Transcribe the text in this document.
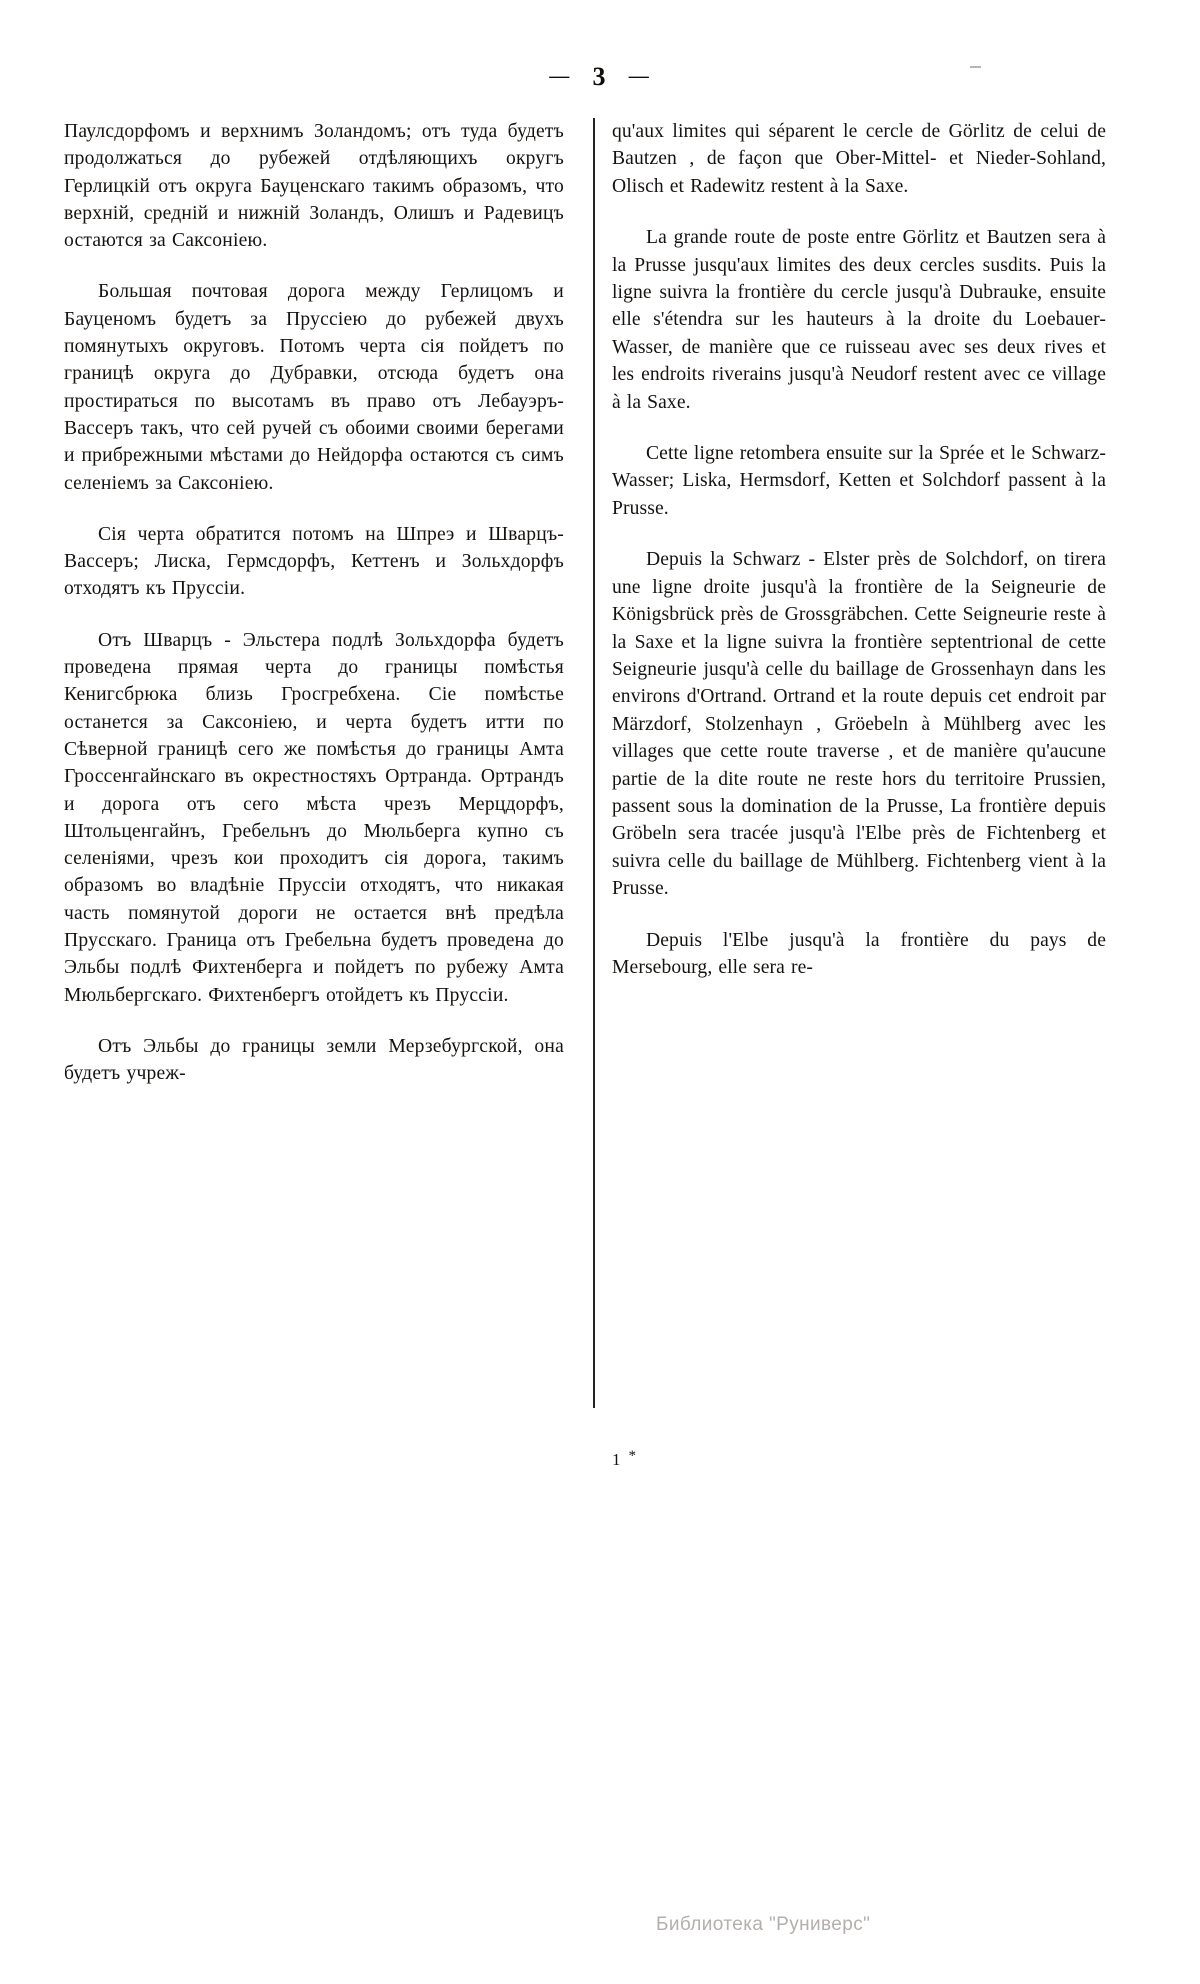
— 3 —

Паулсдорфомъ и верхнимъ Золандомъ; отъ туда будетъ продолжаться до рубежей отдѣляющихъ округъ Герлицкій отъ округа Бауценскаго такимъ образомъ, что верхній, средній и нижній Золандъ, Олишъ и Радевицъ остаются за Саксоніею.

Большая почтовая дорога между Герлицомъ и Бауценомъ будетъ за Пруссіею до рубежей двухъ помянутыхъ округовъ. Потомъ черта сія пойдетъ по границѣ округа до Дубравки, отсюда будетъ она простираться по высотамъ въ право отъ Лебауэръ-Вассеръ такъ, что сей ручей съ обоими своими берегами и прибрежными мѣстами до Нейдорфа остаются съ симъ селеніемъ за Саксоніею.

Сія черта обратится потомъ на Шпреэ и Шварцъ-Вассеръ; Лиска, Гермсдорфъ, Кеттенъ и Зольхдорфъ отходятъ къ Пруссіи.

Отъ Шварцъ - Эльстера подлѣ Зольхдорфа будетъ проведена прямая черта до границы помѣстья Кенигсбрюка близь Гросгребхена. Сіе помѣстье останется за Саксоніею, и черта будетъ итти по Сѣверной границѣ сего же помѣстья до границы Амта Гроссенгайнскаго въ окрестностяхъ Ортранда. Ортрандъ и дорога отъ сего мѣста чрезъ Мерцдорфъ, Штольценгайнъ, Гребельнъ до Мюльберга купно съ селеніями, чрезъ кои проходитъ сія дорога, такимъ образомъ во владѣніе Пруссіи отходятъ, что никакая часть помянутой дороги не остается внѣ предѣла Прусскаго. Граница отъ Гребельна будетъ проведена до Эльбы подлѣ Фихтенберга и пойдетъ по рубежу Амта Мюльбергскаго. Фихтенбергъ отойдетъ къ Пруссіи.

Отъ Эльбы до границы земли Мерзебургской, она будетъ учреж-

qu'aux limites qui séparent le cercle de Görlitz de celui de Bautzen , de façon que Ober-Mittel- et Nieder-Sohland, Olisch et Radewitz restent à la Saxe.

La grande route de poste entre Görlitz et Bautzen sera à la Prusse jusqu'aux limites des deux cercles susdits. Puis la ligne suivra la frontière du cercle jusqu'à Dubrauke, ensuite elle s'étendra sur les hauteurs à la droite du Loebauer-Wasser, de manière que ce ruisseau avec ses deux rives et les endroits riverains jusqu'à Neudorf restent avec ce village à la Saxe.

Cette ligne retombera ensuite sur la Sprée et le Schwarz-Wasser; Liska, Hermsdorf, Ketten et Solchdorf passent à la Prusse.

Depuis la Schwarz - Elster près de Solchdorf, on tirera une ligne droite jusqu'à la frontière de la Seigneurie de Königsbrück près de Grossgräbchen. Cette Seigneurie reste à la Saxe et la ligne suivra la frontière septentrional de cette Seigneurie jusqu'à celle du baillage de Grossenhayn dans les environs d'Ortrand. Ortrand et la route depuis cet endroit par Märzdorf, Stolzenhayn , Gröebeln à Mühlberg avec les villages que cette route traverse , et de manière qu'aucune partie de la dite route ne reste hors du territoire Prussien, passent sous la domination de la Prusse, La frontière depuis Gröbeln sera tracée jusqu'à l'Elbe près de Fichtenberg et suivra celle du baillage de Mühlberg. Fichtenberg vient à la Prusse.

Depuis l'Elbe jusqu'à la frontière du pays de Mersebourg, elle sera re-

1 *
Библиотека "Руниверс"
